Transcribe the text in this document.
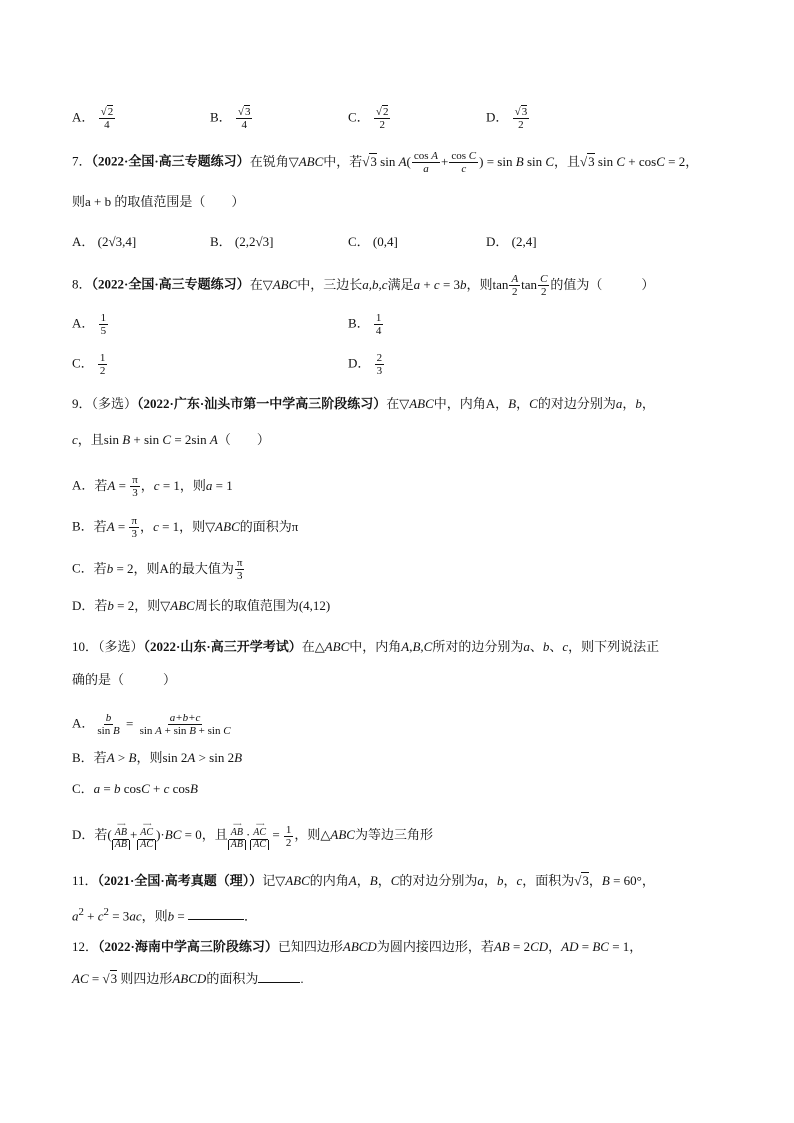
A． $\frac{√2}{4}$	B． $\frac{√3}{4}$	C． $\frac{√2}{2}$	D． $\frac{√3}{2}$
7．（2022·全国·高三专题练习）在锐角▽ABC中，若√3 $\sin A( \frac{\text{cos A}}{a} + \frac{\text{cos C}}{c}$ ) = sin B sin C，且√3 sin C + cosC = 2，
则a + b 的取值范围是（　　）
A． (2√3,4]	B． (2,2√3]	C． (0,4]	D． (2,4]
8．（2022·全国·高三专题练习）在▽ABC中，三边长a,b,c满足a + c = 3b，则$\tan \frac{A}{2}$ $\tan \frac{C}{2}$ 的值为（　　　）
A． $\frac{1}{5}$	B． $\frac{1}{4}$
C． $\frac{1}{2}$	D． $\frac{2}{3}$
9．（多选）（2022·广东·汕头市第一中学高三阶段练习）在▽ABC中，内角A，B，C的对边分别为a，b，
c，且sin B + sin C = 2sin A（　　）
A．若$A = \frac{\pi}{3}$ ，c = 1，则a = 1
B．若$A = \frac{\pi}{3}$ ，c = 1，则▽ABC的面积为π
C．若b = 2，则A的最大值为 $\frac{\pi}{3}$
D．若b = 2，则▽ABC周长的取值范围为(4,12)
10．（多选）（2022·山东·高三开学考试）在△ABC中，内角A,B,C所对的边分别为a、b、c，则下列说法正
确的是（　　　）
A． $\frac{b}{\text{sin B}} = \frac{a+b+c}{\text{sin A + sin B + sin C}}$
B．若A > B，则sin 2A > sin 2B
C．a = b cosC + c cosB
D．若(
⟶
AB
AB
+
⟶
AC
AC
)·BC = 0，且
⟶
AB
AB
·
⟶
AC
AC
= $\frac{1}{2}$ ，则△ABC为等边三角形
11．（2021·全国·高考真题（理））记▽ABC的内角A，B，C的对边分别为a，b，c，面积为√3，B = 60°，
$a^2 + c^2 = 3ac$，则b =	．
12．（2022·海南中学高三阶段练习）已知四边形ABCD为圆内接四边形，若AB = 2CD，AD = BC = 1，
AC = √3 则四边形ABCD的面积为	.
